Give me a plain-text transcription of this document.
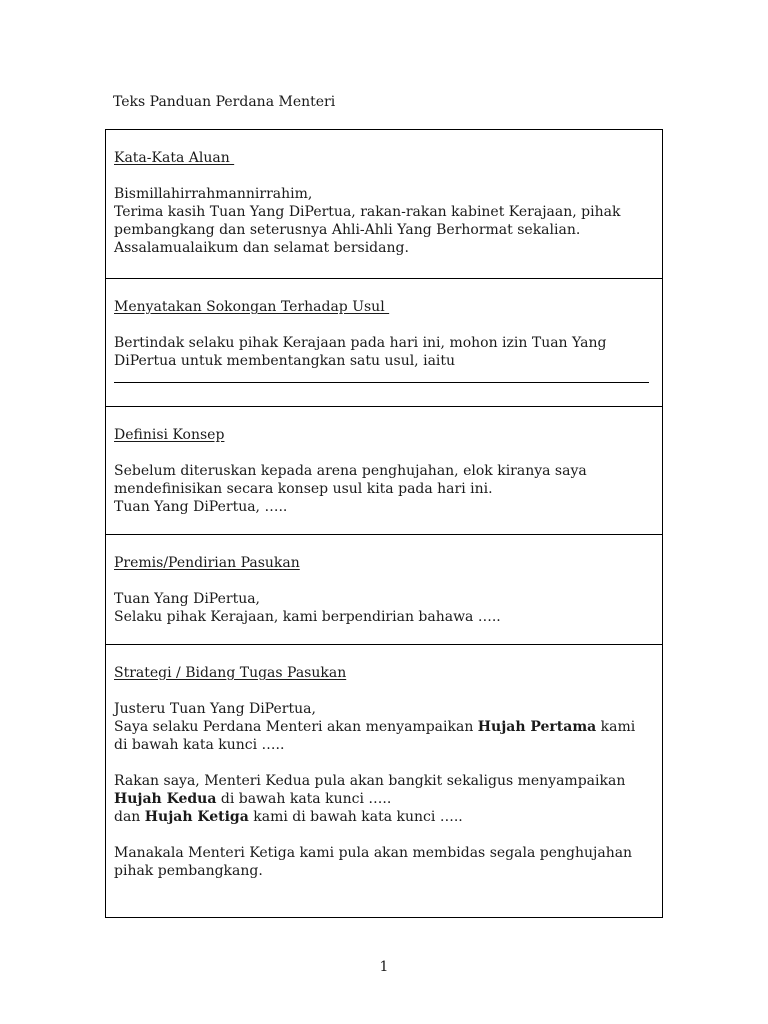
Teks Panduan Perdana Menteri
Kata-Kata Aluan
Bismillahirrahmannirrahim,
Terima kasih Tuan Yang DiPertua, rakan-rakan kabinet Kerajaan, pihak
pembangkang dan seterusnya Ahli-Ahli Yang Berhormat sekalian.
Assalamualaikum dan selamat bersidang.
Menyatakan Sokongan Terhadap Usul
Bertindak selaku pihak Kerajaan pada hari ini, mohon izin Tuan Yang
DiPertua untuk membentangkan satu usul, iaitu
Definisi Konsep
Sebelum diteruskan kepada arena penghujahan, elok kiranya saya
mendefinisikan secara konsep usul kita pada hari ini.
Tuan Yang DiPertua, …..
Premis/Pendirian Pasukan
Tuan Yang DiPertua,
Selaku pihak Kerajaan, kami berpendirian bahawa …..
Strategi / Bidang Tugas Pasukan
Justeru Tuan Yang DiPertua,
Saya selaku Perdana Menteri akan menyampaikan Hujah Pertama kami
di bawah kata kunci …..
Rakan saya, Menteri Kedua pula akan bangkit sekaligus menyampaikan
Hujah Kedua di bawah kata kunci …..
dan Hujah Ketiga kami di bawah kata kunci …..
Manakala Menteri Ketiga kami pula akan membidas segala penghujahan
pihak pembangkang.
1
